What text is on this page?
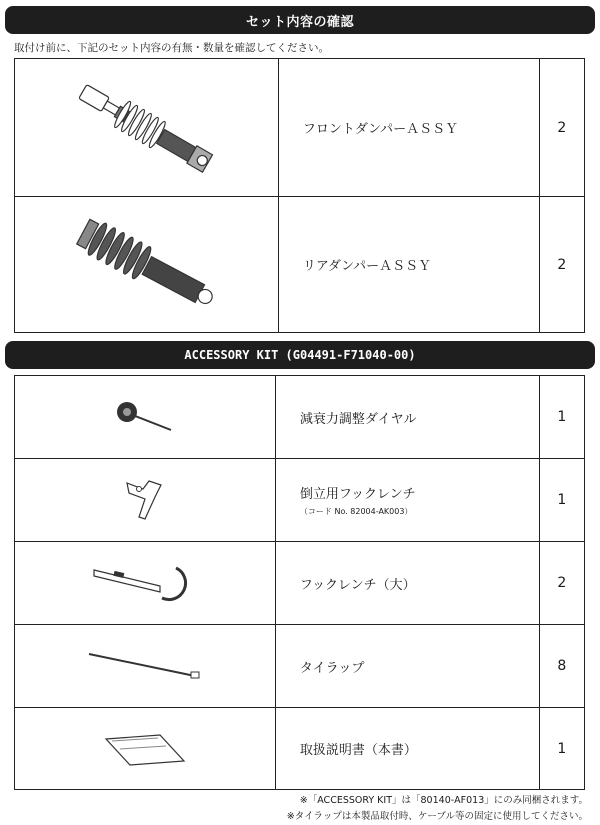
セット内容の確認
取付け前に、下記のセット内容の有無・数量を確認してください。
	フロントダンパーＡＳＳＹ	2

	リアダンパーＡＳＳＹ	2
ACCESSORY KIT (G04491-F71040-00)
	減衰力調整ダイヤル	1

	倒立用フックレンチ
（コード No. 82004-AK003）	1

	フックレンチ（大）	2

	タイラップ	8

	取扱説明書（本書）	1
※「ACCESSORY KIT」は「80140-AF013」にのみ同梱されます。
※タイラップは本製品取付時、ケーブル等の固定に使用してください。
